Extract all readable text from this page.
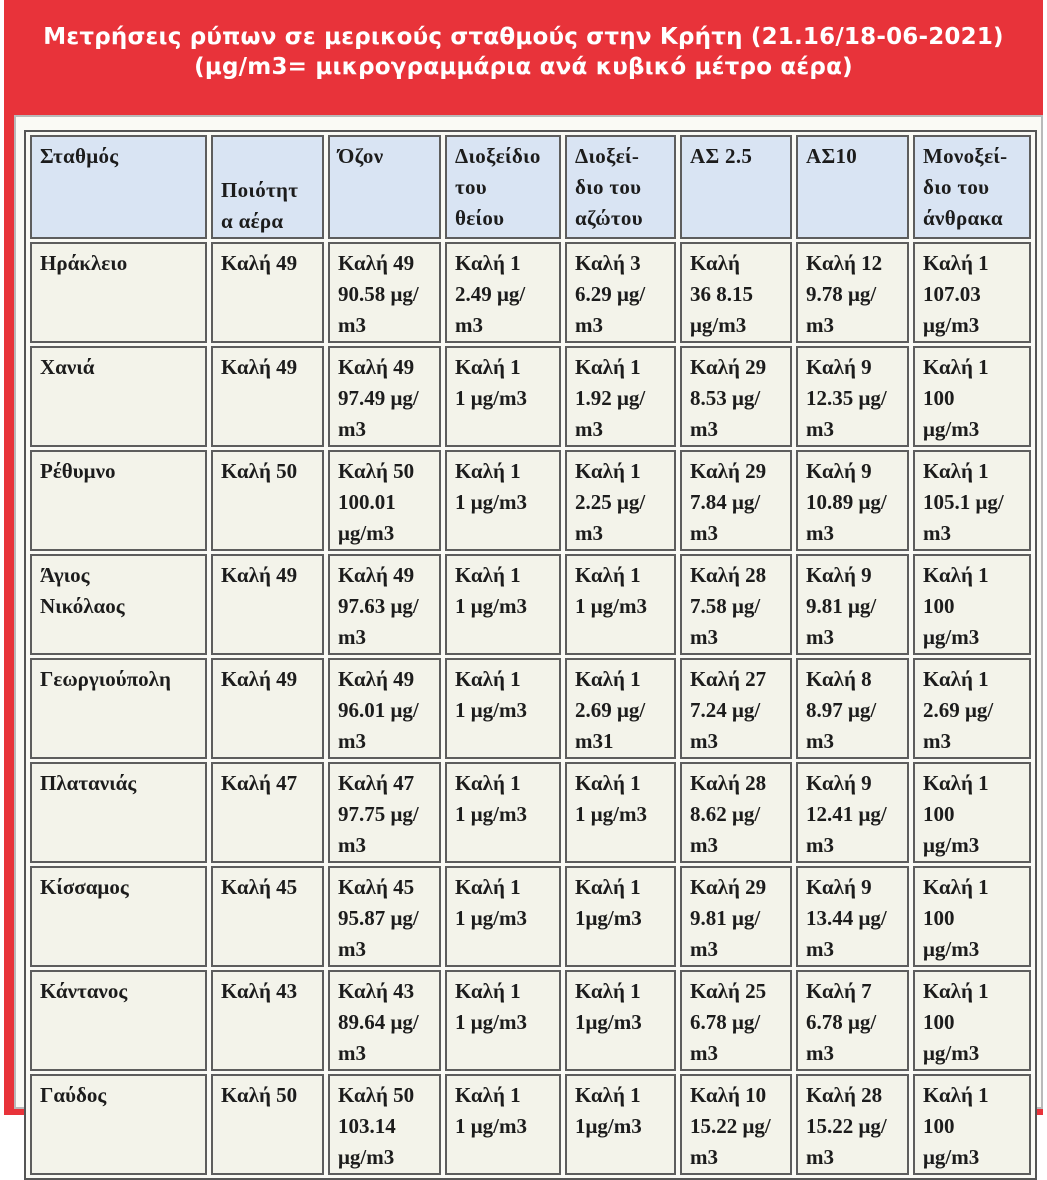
Μετρήσεις ρύπων σε μερικούς σταθμούς στην Κρήτη (21.16/18-06-2021)
(μg/m3= μικρογραμμάρια ανά κυβικό μέτρο αέρα)
Σταθμός	Ποιότητ
α αέρα	Όζον	Διοξείδιο
του
θείου	Διοξεί-
διο του
αζώτου	ΑΣ 2.5	ΑΣ10	Μονοξεί-
διο του
άνθρακα

Ηράκλειο	Καλή 49	Καλή 49
90.58 μg/
m3	Καλή 1
2.49 μg/
m3	Καλή 3
6.29 μg/
m3	Καλή
36 8.15
μg/m3	Καλή 12
9.78 μg/
m3	Καλή 1
107.03
μg/m3

Χανιά	Καλή 49	Καλή 49
97.49 μg/
m3	Καλή 1
1 μg/m3	Καλή 1
1.92 μg/
m3	Καλή 29
8.53 μg/
m3	Καλή 9
12.35 μg/
m3	Καλή 1
100
μg/m3

Ρέθυμνο	Καλή 50	Καλή 50
100.01
μg/m3	Καλή 1
1 μg/m3	Καλή 1
2.25 μg/
m3	Καλή 29
7.84 μg/
m3	Καλή 9
10.89 μg/
m3	Καλή 1
105.1 μg/
m3

Άγιος
Νικόλαος	Καλή 49	Καλή 49
97.63 μg/
m3	Καλή 1
1 μg/m3	Καλή 1
1 μg/m3	Καλή 28
7.58 μg/
m3	Καλή 9
9.81 μg/
m3	Καλή 1
100
μg/m3

Γεωργιούπολη	Καλή 49	Καλή 49
96.01 μg/
m3	Καλή 1
1 μg/m3	Καλή 1
2.69 μg/
m31	Καλή 27
7.24 μg/
m3	Καλή 8
8.97 μg/
m3	Καλή 1
2.69 μg/
m3

Πλατανιάς	Καλή 47	Καλή 47
97.75 μg/
m3	Καλή 1
1 μg/m3	Καλή 1
1 μg/m3	Καλή 28
8.62 μg/
m3	Καλή 9
12.41 μg/
m3	Καλή 1
100
μg/m3

Κίσσαμος	Καλή 45	Καλή 45
95.87 μg/
m3	Καλή 1
1 μg/m3	Καλή 1
1μg/m3	Καλή 29
9.81 μg/
m3	Καλή 9
13.44 μg/
m3	Καλή 1
100
μg/m3

Κάντανος	Καλή 43	Καλή 43
89.64 μg/
m3	Καλή 1
1 μg/m3	Καλή 1
1μg/m3	Καλή 25
6.78 μg/
m3	Καλή 7
6.78 μg/
m3	Καλή 1
100
μg/m3

Γαύδος	Καλή 50	Καλή 50
103.14
μg/m3	Καλή 1
1 μg/m3	Καλή 1
1μg/m3	Καλή 10
15.22 μg/
m3	Καλή 28
15.22 μg/
m3	Καλή 1
100
μg/m3
